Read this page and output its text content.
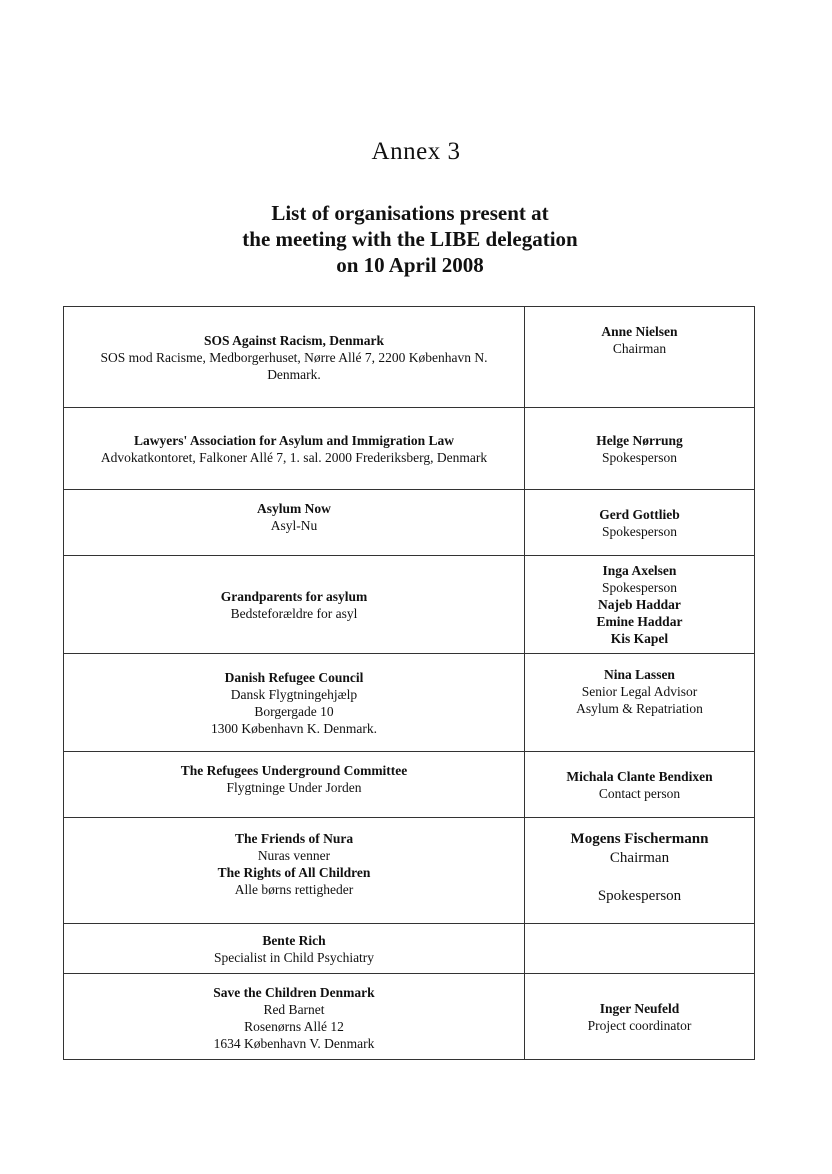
Annex 3
List of organisations present at
the meeting with the LIBE delegation
on 10 April 2008
SOS Against Racism, Denmark
SOS mod Racisme, Medborgerhuset, Nørre Allé 7, 2200 København N.
Denmark.
Anne Nielsen
Chairman
Lawyers' Association for Asylum and Immigration Law
Advokatkontoret, Falkoner Allé 7, 1. sal. 2000 Frederiksberg, Denmark
Helge Nørrung
Spokesperson
Asylum Now
Asyl-Nu
Gerd Gottlieb
Spokesperson
Grandparents for asylum
Bedsteforældre for asyl
Inga Axelsen
Spokesperson
Najeb Haddar
Emine Haddar
Kis Kapel
Danish Refugee Council
Dansk Flygtningehjælp
Borgergade 10
1300 København K. Denmark.
Nina Lassen
Senior Legal Advisor
Asylum & Repatriation
The Refugees Underground Committee
Flygtninge Under Jorden
Michala Clante Bendixen
Contact person
The Friends of Nura
Nuras venner
The Rights of All Children
Alle børns rettigheder
Mogens Fischermann
Chairman
Spokesperson
Bente Rich
Specialist in Child Psychiatry
Save the Children Denmark
Red Barnet
Rosenørns Allé 12
1634 København V. Denmark
Inger Neufeld
Project coordinator
